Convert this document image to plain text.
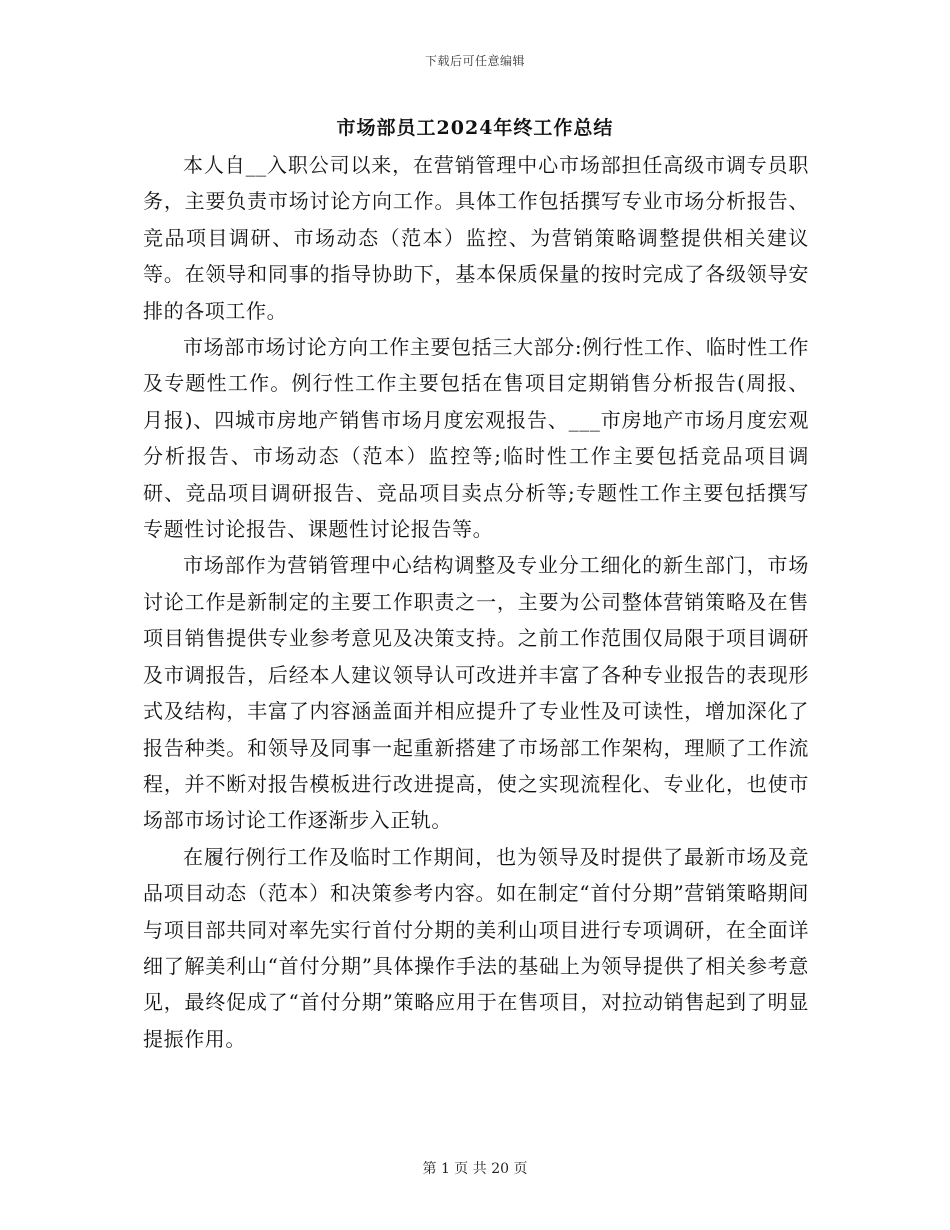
下载后可任意编辑
市场部员工2024年终工作总结

本人自__入职公司以来，在营销管理中心市场部担任高级市调专员职务，主要负责市场讨论方向工作。具体工作包括撰写专业市场分析报告、竞品项目调研、市场动态（范本）监控、为营销策略调整提供相关建议等。在领导和同事的指导协助下，基本保质保量的按时完成了各级领导安排的各项工作。

市场部市场讨论方向工作主要包括三大部分:例行性工作、临时性工作及专题性工作。例行性工作主要包括在售项目定期销售分析报告(周报、月报)、四城市房地产销售市场月度宏观报告、___市房地产市场月度宏观分析报告、市场动态（范本）监控等;临时性工作主要包括竞品项目调研、竞品项目调研报告、竞品项目卖点分析等;专题性工作主要包括撰写专题性讨论报告、课题性讨论报告等。

市场部作为营销管理中心结构调整及专业分工细化的新生部门，市场讨论工作是新制定的主要工作职责之一，主要为公司整体营销策略及在售项目销售提供专业参考意见及决策支持。之前工作范围仅局限于项目调研及市调报告，后经本人建议领导认可改进并丰富了各种专业报告的表现形式及结构，丰富了内容涵盖面并相应提升了专业性及可读性，增加深化了报告种类。和领导及同事一起重新搭建了市场部工作架构，理顺了工作流程，并不断对报告模板进行改进提高，使之实现流程化、专业化，也使市场部市场讨论工作逐渐步入正轨。

在履行例行工作及临时工作期间，也为领导及时提供了最新市场及竞品项目动态（范本）和决策参考内容。如在制定“首付分期”营销策略期间与项目部共同对率先实行首付分期的美利山项目进行专项调研，在全面详细了解美利山“首付分期”具体操作手法的基础上为领导提供了相关参考意见，最终促成了“首付分期”策略应用于在售项目，对拉动销售起到了明显提振作用。

第 1 页 共 20 页
